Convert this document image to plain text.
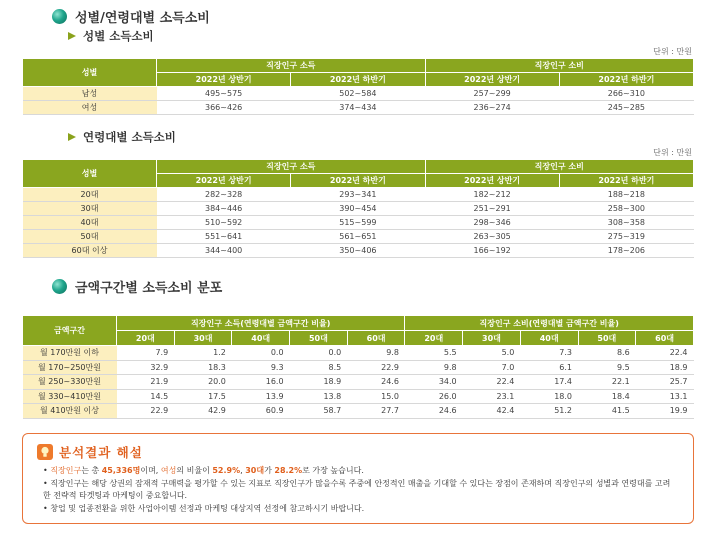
성별/연령대별 소득소비
성별 소득소비
단위 : 만원
성별	직장인구 소득		직장인구 소비	
	2022년 상반기	2022년 하반기	2022년 상반기	2022년 하반기
남성	495~575	502~584	257~299	266~310
여성	366~426	374~434	236~274	245~285
연령대별 소득소비
단위 : 만원
성별	직장인구 소득		직장인구 소비	
	2022년 상반기	2022년 하반기	2022년 상반기	2022년 하반기
20대	282~328	293~341	182~212	188~218
30대	384~446	390~454	251~291	258~300
40대	510~592	515~599	298~346	308~358
50대	551~641	561~651	263~305	275~319
60대 이상	344~400	350~406	166~192	178~206
금액구간별 소득소비 분포
금액구간	직장인구 소득(연령대별 금액구간 비율)					직장인구 소비(연령대별 금액구간 비율)				
	20대	30대	40대	50대	60대	20대	30대	40대	50대	60대
월 170만원 이하	7.9	1.2	0.0	0.0	9.8	5.5	5.0	7.3	8.6	22.4
월 170~250만원	32.9	18.3	9.3	8.5	22.9	9.8	7.0	6.1	9.5	18.9
월 250~330만원	21.9	20.0	16.0	18.9	24.6	34.0	22.4	17.4	22.1	25.7
월 330~410만원	14.5	17.5	13.9	13.8	15.0	26.0	23.1	18.0	18.4	13.1
월 410만원 이상	22.9	42.9	60.9	58.7	27.7	24.6	42.4	51.2	41.5	19.9
분석결과 해설

• 직장인구는 총 45,336명이며, 여성의 비율이 52.9%, 30대가 28.2%로 가장 높습니다.

• 직장인구는 해당 상권의 잠재적 구매력을 평가할 수 있는 지표로 직장인구가 많을수록 주중에 안정적인 매출을 기대할 수 있다는 장점이 존재하며 직장인구의 성별과 연령대를 고려한 전략적 타겟팅과 마케팅이 중요합니다.

• 창업 및 업종전환을 위한 사업아이템 선정과 마케팅 대상지역 선정에 참고하시기 바랍니다.
